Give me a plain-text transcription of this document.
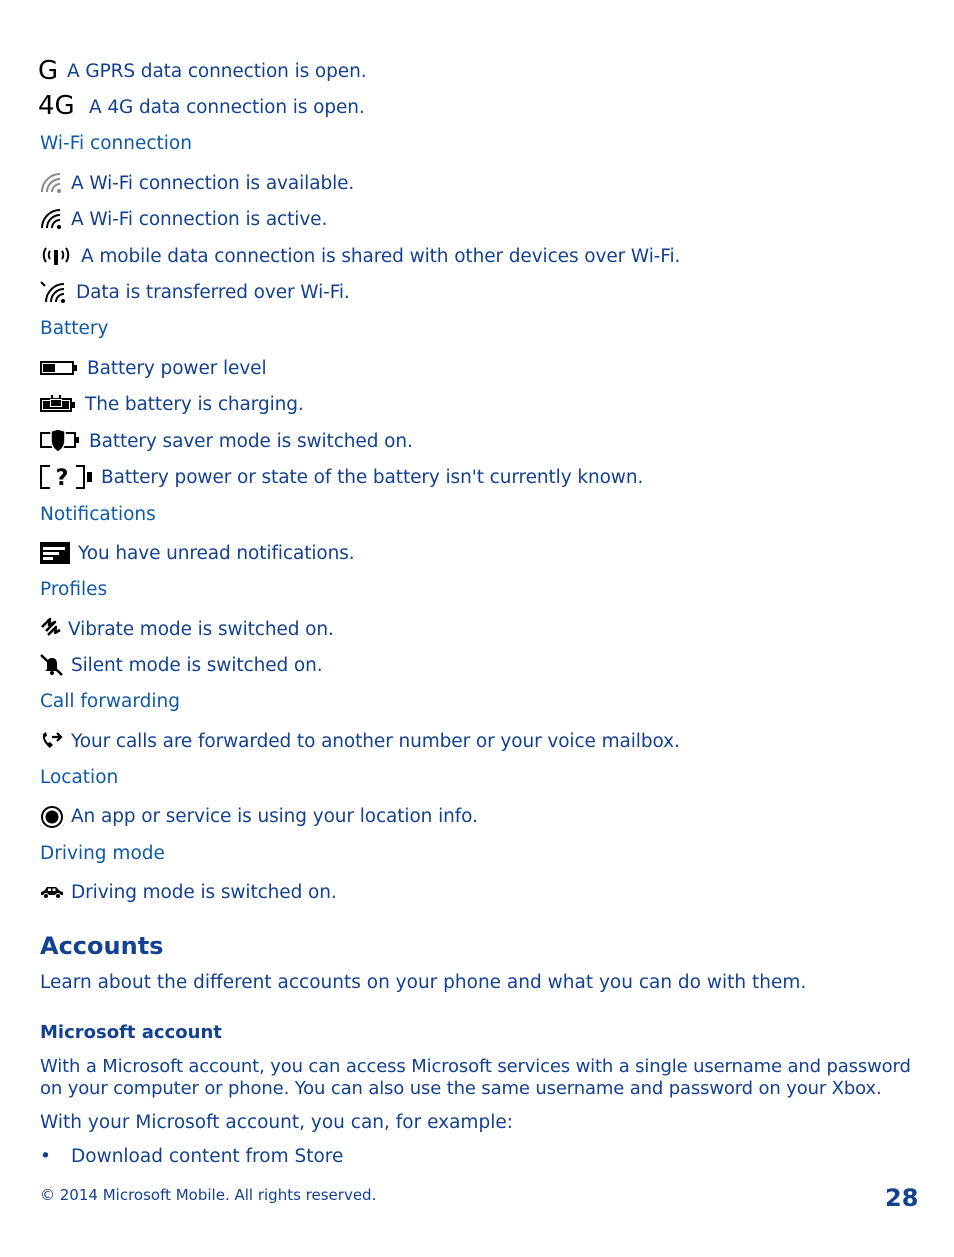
G A GPRS data connection is open.
4G A 4G data connection is open.
Wi-Fi connection
A Wi-Fi connection is available.
A Wi-Fi connection is active.
A mobile data connection is shared with other devices over Wi-Fi.
Data is transferred over Wi-Fi.
Battery
Battery power level
The battery is charging.
Battery saver mode is switched on.
? Battery power or state of the battery isn't currently known.
Notifications
You have unread notifications.
Profiles
Vibrate mode is switched on.
Silent mode is switched on.
Call forwarding
Your calls are forwarded to another number or your voice mailbox.
Location
An app or service is using your location info.
Driving mode
Driving mode is switched on.
Accounts
Learn about the different accounts on your phone and what you can do with them.
Microsoft account
With a Microsoft account, you can access Microsoft services with a single username and password
on your computer or phone. You can also use the same username and password on your Xbox.
With your Microsoft account, you can, for example:
• Download content from Store
© 2014 Microsoft Mobile. All rights reserved.	28
